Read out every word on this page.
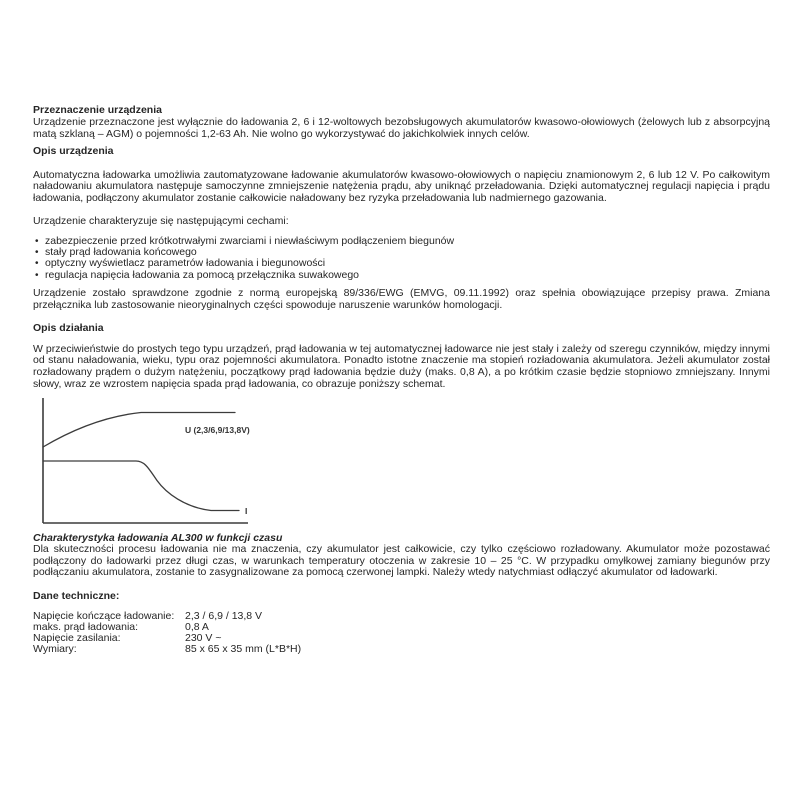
Przeznaczenie urządzenia

Urządzenie przeznaczone jest wyłącznie do ładowania 2, 6 i 12-woltowych bezobsługowych akumulatorów kwasowo-ołowiowych (żelowych lub z absorpcyjną matą szklaną – AGM) o pojemności 1,2-63 Ah. Nie wolno go wykorzystywać do jakichkolwiek innych celów.

Opis urządzenia

Automatyczna ładowarka umożliwia zautomatyzowane ładowanie akumulatorów kwasowo-ołowiowych o napięciu znamionowym 2, 6 lub 12 V. Po całkowitym naładowaniu akumulatora następuje samoczynne zmniejszenie natężenia prądu, aby uniknąć przeładowania. Dzięki automatycznej regulacji napięcia i prądu ładowania, podłączony akumulator zostanie całkowicie naładowany bez ryzyka przeładowania lub nadmiernego gazowania.

Urządzenie charakteryzuje się następującymi cechami:

• zabezpieczenie przed krótkotrwałymi zwarciami i niewłaściwym podłączeniem biegunów
• stały prąd ładowania końcowego
• optyczny wyświetlacz parametrów ładowania i biegunowości
• regulacja napięcia ładowania za pomocą przełącznika suwakowego

Urządzenie zostało sprawdzone zgodnie z normą europejską 89/336/EWG (EMVG, 09.11.1992) oraz spełnia obowiązujące przepisy prawa. Zmiana przełącznika lub zastosowanie nieoryginalnych części spowoduje naruszenie warunków homologacji.

Opis działania

W przeciwieństwie do prostych tego typu urządzeń, prąd ładowania w tej automatycznej ładowarce nie jest stały i zależy od szeregu czynników, między innymi od stanu naładowania, wieku, typu oraz pojemności akumulatora. Ponadto istotne znaczenie ma stopień rozładowania akumulatora. Jeżeli akumulator został rozładowany prądem o dużym natężeniu, początkowy prąd ładowania będzie duży (maks. 0,8 A), a po krótkim czasie będzie stopniowo zmniejszany. Innymi słowy, wraz ze wzrostem napięcia spada prąd ładowania, co obrazuje poniższy schemat.

U (2,3/6,9/13,8V)
I
Charakterystyka ładowania AL300 w funkcji czasu

Dla skuteczności procesu ładowania nie ma znaczenia, czy akumulator jest całkowicie, czy tylko częściowo rozładowany. Akumulator może pozostawać podłączony do ładowarki przez długi czas, w warunkach temperatury otoczenia w zakresie 10 – 25 °C. W przypadku omyłkowej zamiany biegunów przy podłączaniu akumulatora, zostanie to zasygnalizowane za pomocą czerwonej lampki. Należy wtedy natychmiast odłączyć akumulator od ładowarki.

Dane techniczne:
Napięcie kończące ładowanie:	2,3 / 6,9 / 13,8 V
maks. prąd ładowania:	0,8 A
Napięcie zasilania:	230 V ~
Wymiary:	85 x 65 x 35 mm (L*B*H)
